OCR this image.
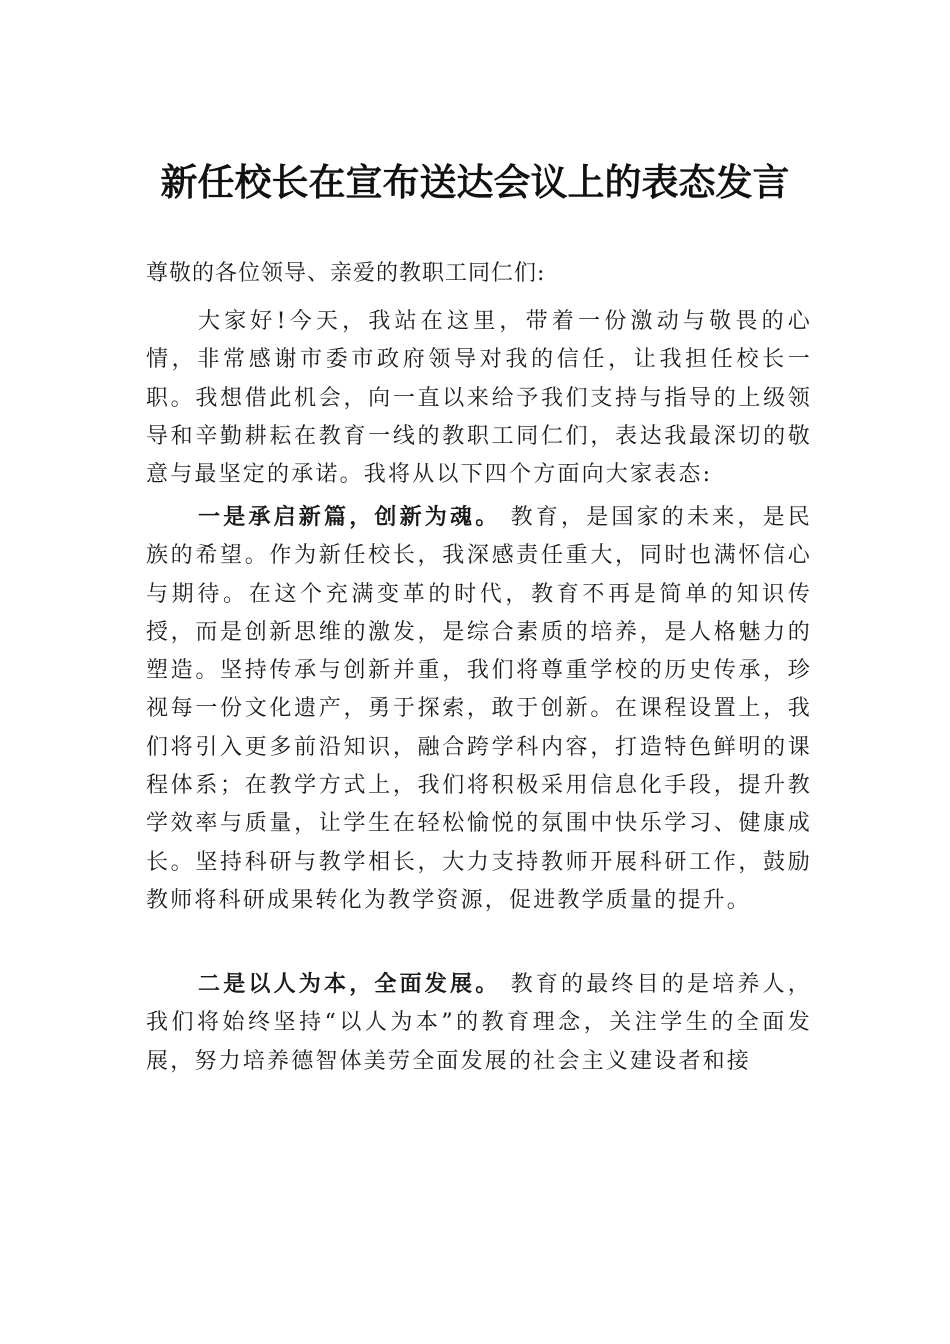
新任校长在宣布送达会议上的表态发言
尊敬的各位领导、亲爱的教职工同仁们:

大家好!今天，我站在这里，带着一份激动与敬畏的心情，非常感谢市委市政府领导对我的信任，让我担任校长一职。我想借此机会，向一直以来给予我们支持与指导的上级领导和辛勤耕耘在教育一线的教职工同仁们，表达我最深切的敬意与最坚定的承诺。我将从以下四个方面向大家表态:

一是承启新篇，创新为魂。 教育，是国家的未来，是民族的希望。作为新任校长，我深感责任重大，同时也满怀信心与期待。在这个充满变革的时代，教育不再是简单的知识传授，而是创新思维的激发，是综合素质的培养，是人格魅力的塑造。坚持传承与创新并重，我们将尊重学校的历史传承，珍视每一份文化遗产，勇于探索，敢于创新。在课程设置上，我们将引入更多前沿知识，融合跨学科内容，打造特色鲜明的课程体系；在教学方式上，我们将积极采用信息化手段，提升教学效率与质量，让学生在轻松愉悦的氛围中快乐学习、健康成长。坚持科研与教学相长，大力支持教师开展科研工作，鼓励教师将科研成果转化为教学资源，促进教学质量的提升。

二是以人为本，全面发展。 教育的最终目的是培养人，我们将始终坚持“以人为本”的教育理念，关注学生的全面发展，努力培养德智体美劳全面发展的社会主义建设者和接
